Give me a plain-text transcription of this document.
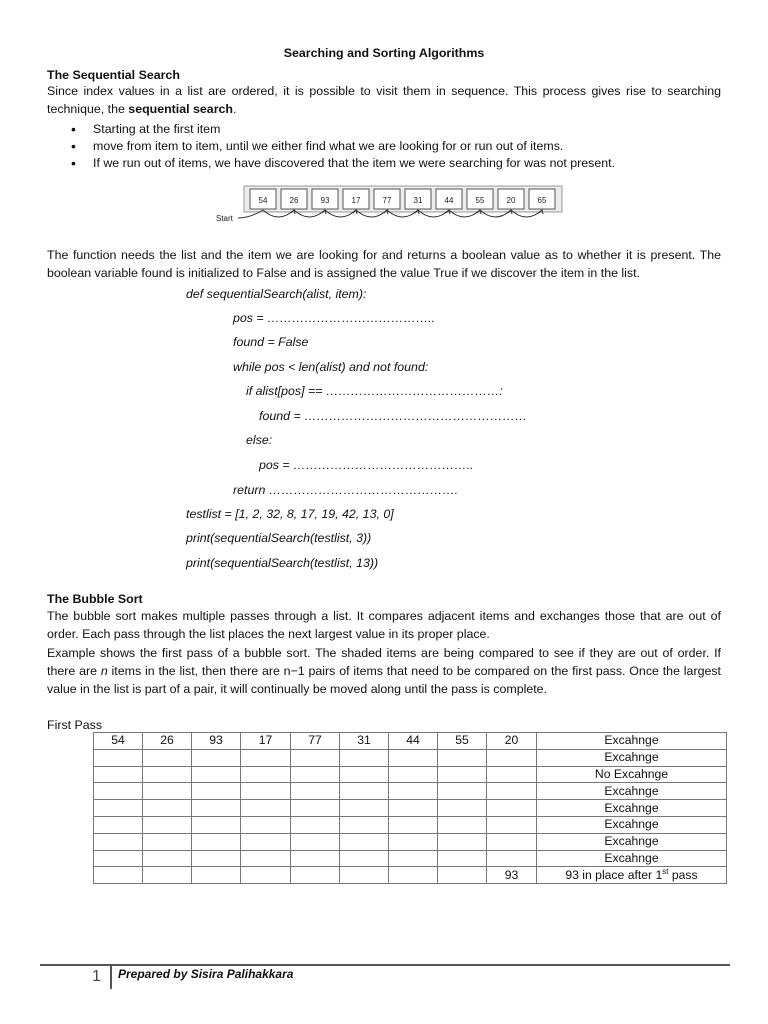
Searching and Sorting Algorithms
The Sequential Search
Since index values in a list are ordered, it is possible to visit them in sequence. This process gives rise to searching technique, the sequential search.
• Starting at the first item
• move from item to item, until we either find what we are looking for or run out of items.
• If we run out of items, we have discovered that the item we were searching for was not present.
54	26	93	17	77	31	44	55	20	65
Start
The function needs the list and the item we are looking for and returns a boolean value as to whether it is present. The boolean variable found is initialized to False and is assigned the value True if we discover the item in the list.
def sequentialSearch(alist, item):
pos = …………………………………..
found = False
while pos < len(alist) and not found:
if alist[pos] == ……………………………………:
found = ………………………………………………
else:
pos = ……………………………………..
return ……………………………………….
testlist = [1, 2, 32, 8, 17, 19, 42, 13, 0]
print(sequentialSearch(testlist, 3))
print(sequentialSearch(testlist, 13))
The Bubble Sort
The bubble sort makes multiple passes through a list. It compares adjacent items and exchanges those that are out of order. Each pass through the list places the next largest value in its proper place.
Example shows the first pass of a bubble sort. The shaded items are being compared to see if they are out of order. If there are n items in the list, then there are n−1 pairs of items that need to be compared on the first pass. Once the largest value in the list is part of a pair, it will continually be moved along until the pass is complete.
First Pass
54	26	93	17	77	31	44	55	20	Excahnge
									Excahnge
									No Excahnge
									Excahnge
									Excahnge
									Excahnge
									Excahnge
									Excahnge
								93	93 in place after 1st pass
1 Prepared by Sisira Palihakkara
